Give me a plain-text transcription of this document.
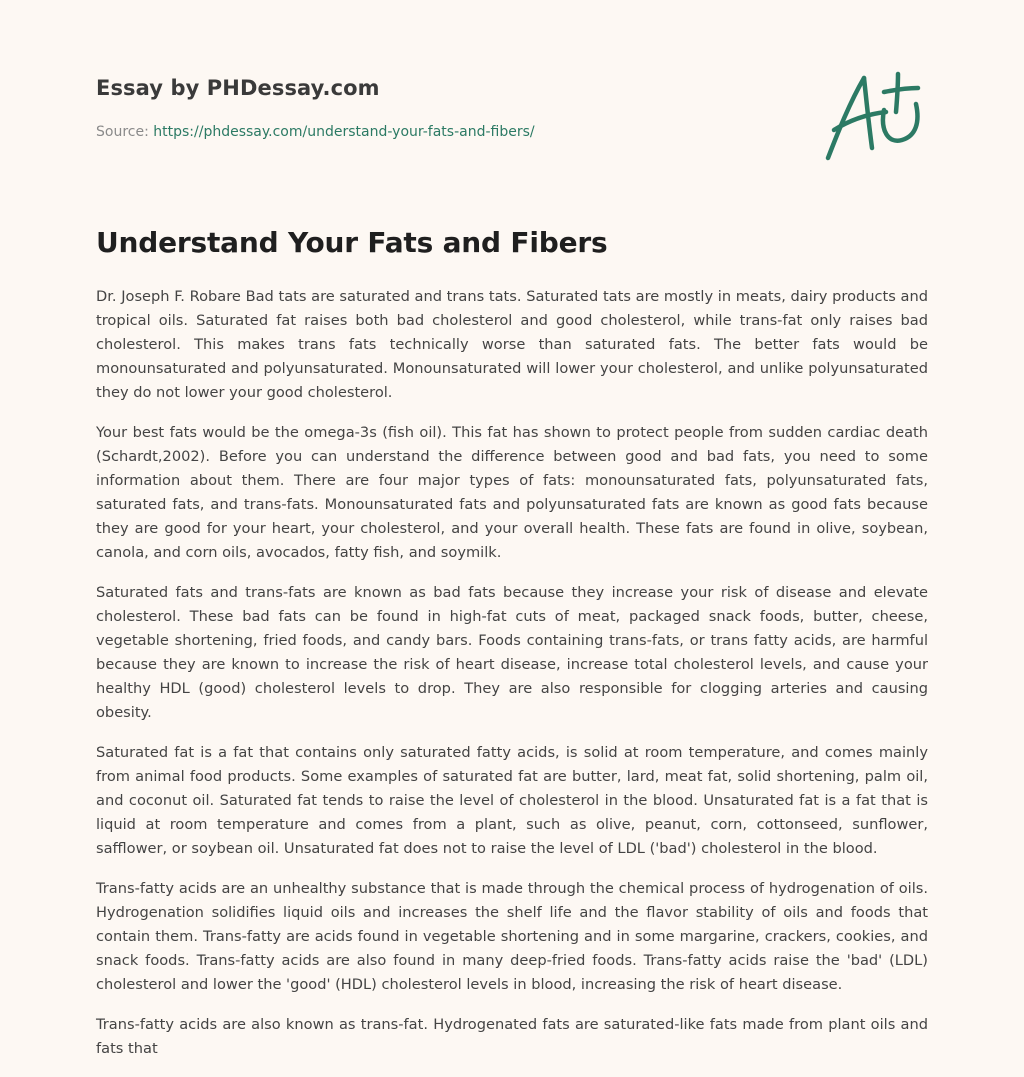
Essay by PHDessay.com
Source: https://phdessay.com/understand-your-fats-and-fibers/
Understand Your Fats and Fibers

Dr. Joseph F. Robare Bad tats are saturated and trans tats. Saturated tats are mostly in meats, dairy products and tropical oils. Saturated fat raises both bad cholesterol and good cholesterol, while trans-fat only raises bad cholesterol. This makes trans fats technically worse than saturated fats. The better fats would be monounsaturated and polyunsaturated. Monounsaturated will lower your cholesterol, and unlike polyunsaturated they do not lower your good cholesterol.

Your best fats would be the omega-3s (fish oil). This fat has shown to protect people from sudden cardiac death (Schardt,2002). Before you can understand the difference between good and bad fats, you need to some information about them. There are four major types of fats: monounsaturated fats, polyunsaturated fats, saturated fats, and trans-fats. Monounsaturated fats and polyunsaturated fats are known as good fats because they are good for your heart, your cholesterol, and your overall health. These fats are found in olive, soybean, canola, and corn oils, avocados, fatty fish, and soymilk.

Saturated fats and trans-fats are known as bad fats because they increase your risk of disease and elevate cholesterol. These bad fats can be found in high-fat cuts of meat, packaged snack foods, butter, cheese, vegetable shortening, fried foods, and candy bars. Foods containing trans-fats, or trans fatty acids, are harmful because they are known to increase the risk of heart disease, increase total cholesterol levels, and cause your healthy HDL (good) cholesterol levels to drop. They are also responsible for clogging arteries and causing obesity.

Saturated fat is a fat that contains only saturated fatty acids, is solid at room temperature, and comes mainly from animal food products. Some examples of saturated fat are butter, lard, meat fat, solid shortening, palm oil, and coconut oil. Saturated fat tends to raise the level of cholesterol in the blood. Unsaturated fat is a fat that is liquid at room temperature and comes from a plant, such as olive, peanut, corn, cottonseed, sunflower, safflower, or soybean oil. Unsaturated fat does not to raise the level of LDL ('bad') cholesterol in the blood.

Trans-fatty acids are an unhealthy substance that is made through the chemical process of hydrogenation of oils. Hydrogenation solidifies liquid oils and increases the shelf life and the flavor stability of oils and foods that contain them. Trans-fatty are acids found in vegetable shortening and in some margarine, crackers, cookies, and snack foods. Trans-fatty acids are also found in many deep-fried foods. Trans-fatty acids raise the 'bad' (LDL) cholesterol and lower the 'good' (HDL) cholesterol levels in blood, increasing the risk of heart disease.

Trans-fatty acids are also known as trans-fat. Hydrogenated fats are saturated-like fats made from plant oils and fats that
